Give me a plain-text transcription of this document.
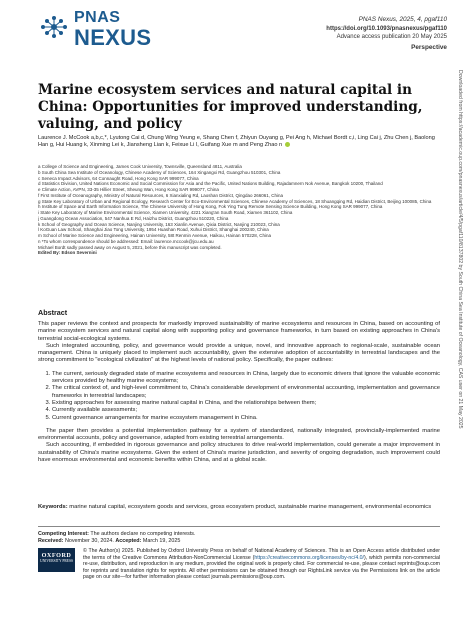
PNAS
NEXUS
PNAS Nexus, 2025, 4, pgaf110
https://doi.org/10.1093/pnasnexus/pgaf110
Advance access publication 20 May 2025
Perspective
Marine ecosystem services and natural capital in China: Opportunities for improved understanding, valuing, and policy
Laurence J. McCook a,b,c,*, Lyutong Cai d, Chung Wing Yeung e, Shang Chen f, Zhiyun Ouyang g, Pei Ang h, Michael Bordt c,i, Ling Cai j, Zhu Chen j, Baolong Han g, Hui Huang k, Xinming Lei k, Jiansheng Lian k, Feixue Li l, Guifang Xue m and Peng Zhao n
a College of Science and Engineering, James Cook University, Townsville, Queensland 4811, Australia
b South China Sea Institute of Oceanology, Chinese Academy of Sciences, 164 Xingangxi Rd, Guangzhou 510301, China
c Seneca Impact Advisors, 64 Connaught Road, Hong Kong SAR 999077, China
d Statistics Division, United Nations Economic and Social Commission for Asia and the Pacific, United Nations Building, Rajadamnern Nok Avenue, Bangkok 10200, Thailand
e Climate Action, AVPN, 33-35 Hillier Street, Sheung Wan, Hong Kong SAR 999077, China
f First Institute of Oceanography, Ministry of Natural Resources, 6 Xianxialing Rd, Laoshan District, Qingdao 266061, China
g State Key Laboratory of Urban and Regional Ecology, Research Center for Eco-Environmental Sciences, Chinese Academy of Sciences, 18 Shuangqing Rd, Haidian District, Beijing 100085, China
h Institute of Space and Earth Information Science, The Chinese University of Hong Kong, Fok Ying Tung Remote Sensing Science Building, Hong Kong SAR 999077, China
i State Key Laboratory of Marine Environmental Science, Xiamen University, 4221 Xiang'an South Road, Xiamen 361102, China
j Guangdong Ocean Association, 547 Nanhua E Rd, Haizhu District, Guangzhou 510220, China
k School of Geography and Ocean Science, Nanjing University, 163 Xianlin Avenue, Qixia District, Nanjing 210023, China
l KoGuan Law School, Shanghai Jiao Tong University, 1954 Huashan Road, Xuhui District, Shanghai 200240, China
m School of Marine Science and Engineering, Hainan University, 58t Renmin Avenue, Haikou, Hainan 570228, China
n *To whom correspondence should be addressed: Email: laurence.mccook@jcu.edu.au
Michael Bordt sadly passed away on August 5, 2021, before this manuscript was completed.
Edited By: Edson Severnini
Abstract

This paper reviews the context and prospects for markedly improved sustainability of marine ecosystems and resources in China, based on accounting of marine ecosystem services and natural capital along with supporting policy and governance frameworks, in turn based on existing approaches in China's terrestrial social-ecological systems.

Such integrated accounting, policy, and governance would provide a unique, novel, and innovative approach to regional-scale, sustainable ocean management. China is uniquely placed to implement such accountability, given the extensive adoption of accountability in terrestrial landscapes and the strong commitment to "ecological civilization" at the highest levels of national policy. Specifically, the paper outlines:

1. The current, seriously degraded state of marine ecosystems and resources in China, largely due to economic drivers that ignore the valuable economic services provided by healthy marine ecosystems;
2. The critical context of, and high-level commitment to, China's considerable development of environmental accounting, implementation and governance frameworks in terrestrial landscapes;
3. Existing approaches for assessing marine natural capital in China, and the relationships between them;
4. Currently available assessments;
5. Current governance arrangements for marine ecosystem management in China.

The paper then provides a potential implementation pathway for a system of standardized, nationally integrated, provincially-implemented marine environmental accounts, policy and governance, adapted from existing terrestrial arrangements.

Such accounting, if embedded in rigorous governance and policy structures to drive real-world implementation, could generate a major improvement in sustainability of China's marine ecosystems. Given the extent of China's marine jurisdiction, and severity of ongoing degradation, such improvement could have enormous environmental and economic benefits within China, and at a global scale.

Keywords: marine natural capital, ecosystem goods and services, gross ecosystem product, sustainable marine management, environmental economics
Competing Interest: The authors declare no competing interests.
Received: November 30, 2024. Accepted: March 19, 2025
OXFORD
UNIVERSITY PRESS
© The Author(s) 2025. Published by Oxford University Press on behalf of National Academy of Sciences. This is an Open Access article distributed under the terms of the Creative Commons Attribution-NonCommercial License (https://creativecommons.org/licenses/by-nc/4.0/), which permits non-commercial re-use, distribution, and reproduction in any medium, provided the original work is properly cited. For commercial re-use, please contact reprints@oup.com for reprints and translation rights for reprints. All other permissions can be obtained through our RightsLink service via the Permissions link on the article page on our site—for further information please contact journals.permissions@oup.com.
Downloaded from https://academic.oup.com/pnasnexus/article/4/5/pgaf110/8137802 by South China Sea Institute of Oceanology, CAS user on 21 May 2025
